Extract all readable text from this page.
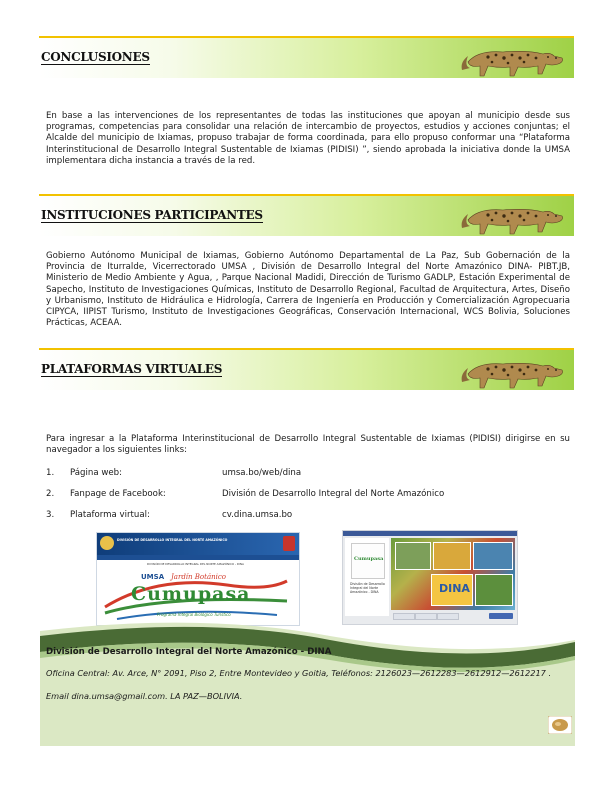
CONCLUSIONES

En base a las intervenciones de los representantes de todas las instituciones que apoyan al municipio desde sus programas, competencias para consolidar una relación de intercambio de proyectos, estudios y acciones conjuntas; el Alcalde del municipio de Ixiamas, propuso trabajar de forma coordinada, para ello propuso conformar una “Plataforma Interinstitucional de Desarrollo Integral Sustentable de Ixiamas (PIDISI) ”, siendo aprobada la iniciativa donde la UMSA implementara dicha instancia a través de la red.

INSTITUCIONES PARTICIPANTES

Gobierno Autónomo Municipal de Ixiamas, Gobierno Autónomo Departamental de La Paz, Sub Gobernación de la Provincia de Iturralde, Vicerrectorado UMSA , División de Desarrollo Integral del Norte Amazónico DINA- PIBT.JB, Ministerio de Medio Ambiente y Agua, , Parque Nacional Madidi, Dirección de Turismo GADLP, Estación Experimental de Sapecho, Instituto de Investigaciones Químicas, Instituto de Desarrollo Regional, Facultad de Arquitectura, Artes, Diseño y Urbanismo, Instituto de Hidráulica e Hidrología, Carrera de Ingeniería en Producción y Comercialización Agropecuaria CIPYCA, IIPIST Turismo, Instituto de Investigaciones Geográficas, Conservación Internacional, WCS Bolivia, Soluciones Prácticas, ACEAA.

PLATAFORMAS VIRTUALES

Para ingresar a la Plataforma Interinstitucional de Desarrollo Integral Sustentable de Ixiamas (PIDISI) dirigirse en su navegador a los siguientes links:

1. Página web:	umsa.bo/web/dina
2. Fanpage de Facebook:	División de Desarrollo Integral del Norte Amazónico
3. Plataforma virtual:	cv.dina.umsa.bo
DIVISIÓN DE DESARROLLO INTEGRAL DEL NORTE AMAZÓNICO
DIVISIÓN DE DESARROLLO INTEGRAL DEL NORTE AMAZÓNICO - DINA
UMSA Jardín Botánico
Cumupasa
Programa Integral Biológico Turístico
Cumupasa
División de Desarrollo Integral del Norte Amazónico - DINA	DINA
División de Desarrollo Integral del Norte Amazónico - DINA
Oficina Central: Av. Arce, N° 2091, Piso 2, Entre Montevideo y Goitia, Teléfonos: 2126023—2612283—2612912—2612217 .
Email dina.umsa@gmail.com. LA PAZ—BOLIVIA.
